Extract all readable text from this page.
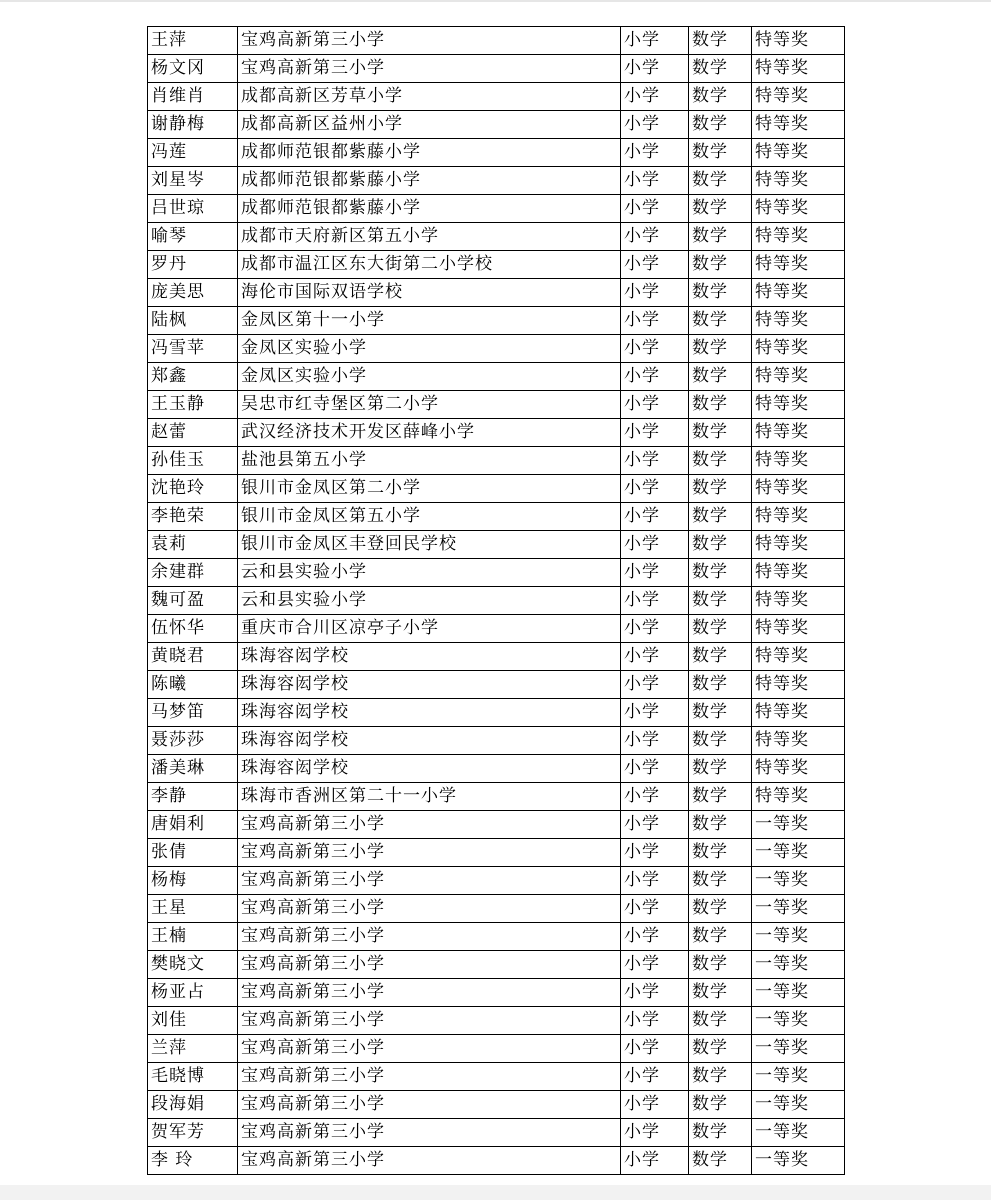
王萍	宝鸡高新第三小学	小学	数学	特等奖
杨文冈	宝鸡高新第三小学	小学	数学	特等奖
肖维肖	成都高新区芳草小学	小学	数学	特等奖
谢静梅	成都高新区益州小学	小学	数学	特等奖
冯莲	成都师范银都紫藤小学	小学	数学	特等奖
刘星岑	成都师范银都紫藤小学	小学	数学	特等奖
吕世琼	成都师范银都紫藤小学	小学	数学	特等奖
喻琴	成都市天府新区第五小学	小学	数学	特等奖
罗丹	成都市温江区东大街第二小学校	小学	数学	特等奖
庞美思	海伦市国际双语学校	小学	数学	特等奖
陆枫	金凤区第十一小学	小学	数学	特等奖
冯雪苹	金凤区实验小学	小学	数学	特等奖
郑鑫	金凤区实验小学	小学	数学	特等奖
王玉静	吴忠市红寺堡区第二小学	小学	数学	特等奖
赵蕾	武汉经济技术开发区薛峰小学	小学	数学	特等奖
孙佳玉	盐池县第五小学	小学	数学	特等奖
沈艳玲	银川市金凤区第二小学	小学	数学	特等奖
李艳荣	银川市金凤区第五小学	小学	数学	特等奖
袁莉	银川市金凤区丰登回民学校	小学	数学	特等奖
余建群	云和县实验小学	小学	数学	特等奖
魏可盈	云和县实验小学	小学	数学	特等奖
伍怀华	重庆市合川区凉亭子小学	小学	数学	特等奖
黄晓君	珠海容闳学校	小学	数学	特等奖
陈曦	珠海容闳学校	小学	数学	特等奖
马梦笛	珠海容闳学校	小学	数学	特等奖
聂莎莎	珠海容闳学校	小学	数学	特等奖
潘美琳	珠海容闳学校	小学	数学	特等奖
李静	珠海市香洲区第二十一小学	小学	数学	特等奖
唐娟利	宝鸡高新第三小学	小学	数学	一等奖
张倩	宝鸡高新第三小学	小学	数学	一等奖
杨梅	宝鸡高新第三小学	小学	数学	一等奖
王星	宝鸡高新第三小学	小学	数学	一等奖
王楠	宝鸡高新第三小学	小学	数学	一等奖
樊晓文	宝鸡高新第三小学	小学	数学	一等奖
杨亚占	宝鸡高新第三小学	小学	数学	一等奖
刘佳	宝鸡高新第三小学	小学	数学	一等奖
兰萍	宝鸡高新第三小学	小学	数学	一等奖
毛晓博	宝鸡高新第三小学	小学	数学	一等奖
段海娟	宝鸡高新第三小学	小学	数学	一等奖
贺军芳	宝鸡高新第三小学	小学	数学	一等奖
李 玲	宝鸡高新第三小学	小学	数学	一等奖
